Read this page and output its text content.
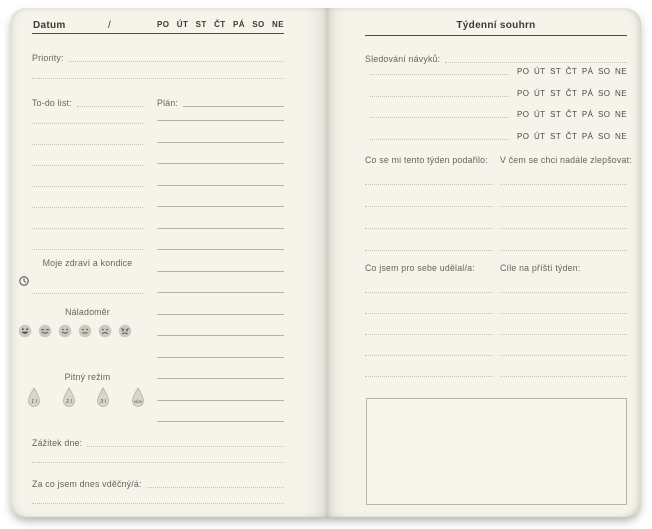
Datum	/	PO ÚT ST ČT PÁ SO NE
Priority:
To-do list:	Plán:
Moje zdraví a kondice
Náladoměr
Pitný režim
1 l	2 l	3 l	více
Zážitek dne:
Za co jsem dnes vděčný/á:
Týdenní souhrn
Sledování návyků:
PO ÚT ST ČT PÁ SO NE
PO ÚT ST ČT PÁ SO NE
PO ÚT ST ČT PÁ SO NE
PO ÚT ST ČT PÁ SO NE
Co se mi tento týden podařilo: V čem se chci nadále zlepšovat:
Co jsem pro sebe udělal/a:	Cíle na příští týden:
